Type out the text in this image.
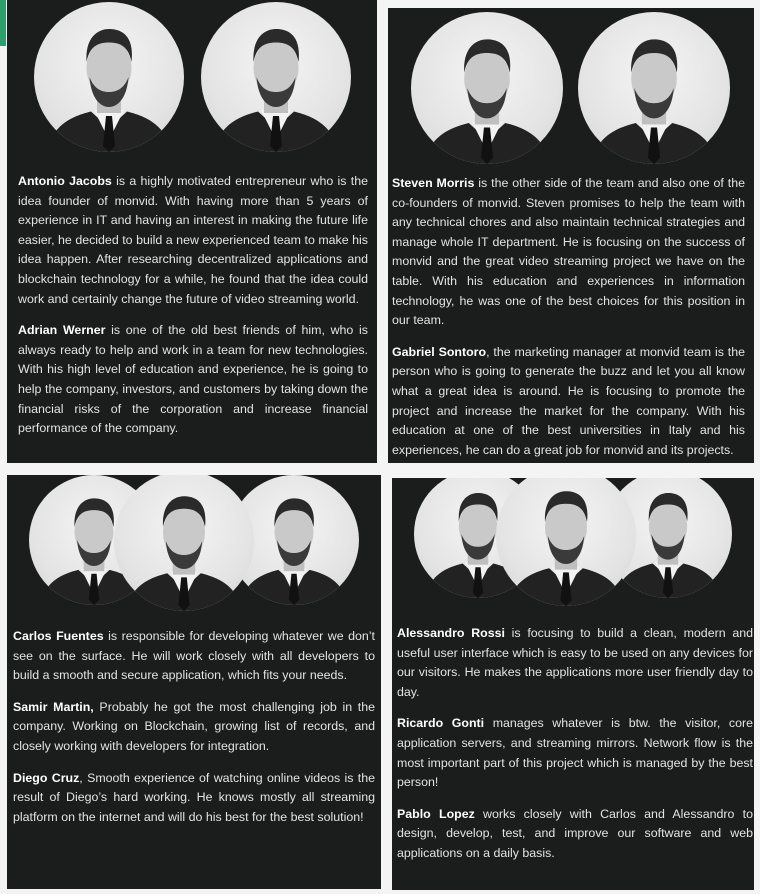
Antonio Jacobs is a highly motivated entrepreneur who is the idea founder of monvid. With having more than 5 years of experience in IT and having an interest in making the future life easier, he decided to build a new experienced team to make his idea happen. After researching decentralized applications and blockchain technology for a while, he found that the idea could work and certainly change the future of video streaming world.

Adrian Werner is one of the old best friends of him, who is always ready to help and work in a team for new technologies. With his high level of education and experience, he is going to help the company, investors, and customers by taking down the financial risks of the corporation and increase financial performance of the company.

Steven Morris is the other side of the team and also one of the co-founders of monvid. Steven promises to help the team with any technical chores and also maintain technical strategies and manage whole IT department. He is focusing on the success of monvid and the great video streaming project we have on the table. With his education and experiences in information technology, he was one of the best choices for this position in our team.

Gabriel Sontoro, the marketing manager at monvid team is the person who is going to generate the buzz and let you all know what a great idea is around. He is focusing to promote the project and increase the market for the company. With his education at one of the best universities in Italy and his experiences, he can do a great job for monvid and its projects.

Carlos Fuentes is responsible for developing whatever we don’t see on the surface. He will work closely with all developers to build a smooth and secure application, which fits your needs.

Samir Martin, Probably he got the most challenging job in the company. Working on Blockchain, growing list of records, and closely working with developers for integration.

Diego Cruz, Smooth experience of watching online videos is the result of Diego’s hard working. He knows mostly all streaming platform on the internet and will do his best for the best solution!

Alessandro Rossi is focusing to build a clean, modern and useful user interface which is easy to be used on any devices for our visitors. He makes the applications more user friendly day to day.

Ricardo Gonti manages whatever is btw. the visitor, core application servers, and streaming mirrors. Network flow is the most important part of this project which is managed by the best person!

Pablo Lopez works closely with Carlos and Alessandro to design, develop, test, and improve our software and web applications on a daily basis.
